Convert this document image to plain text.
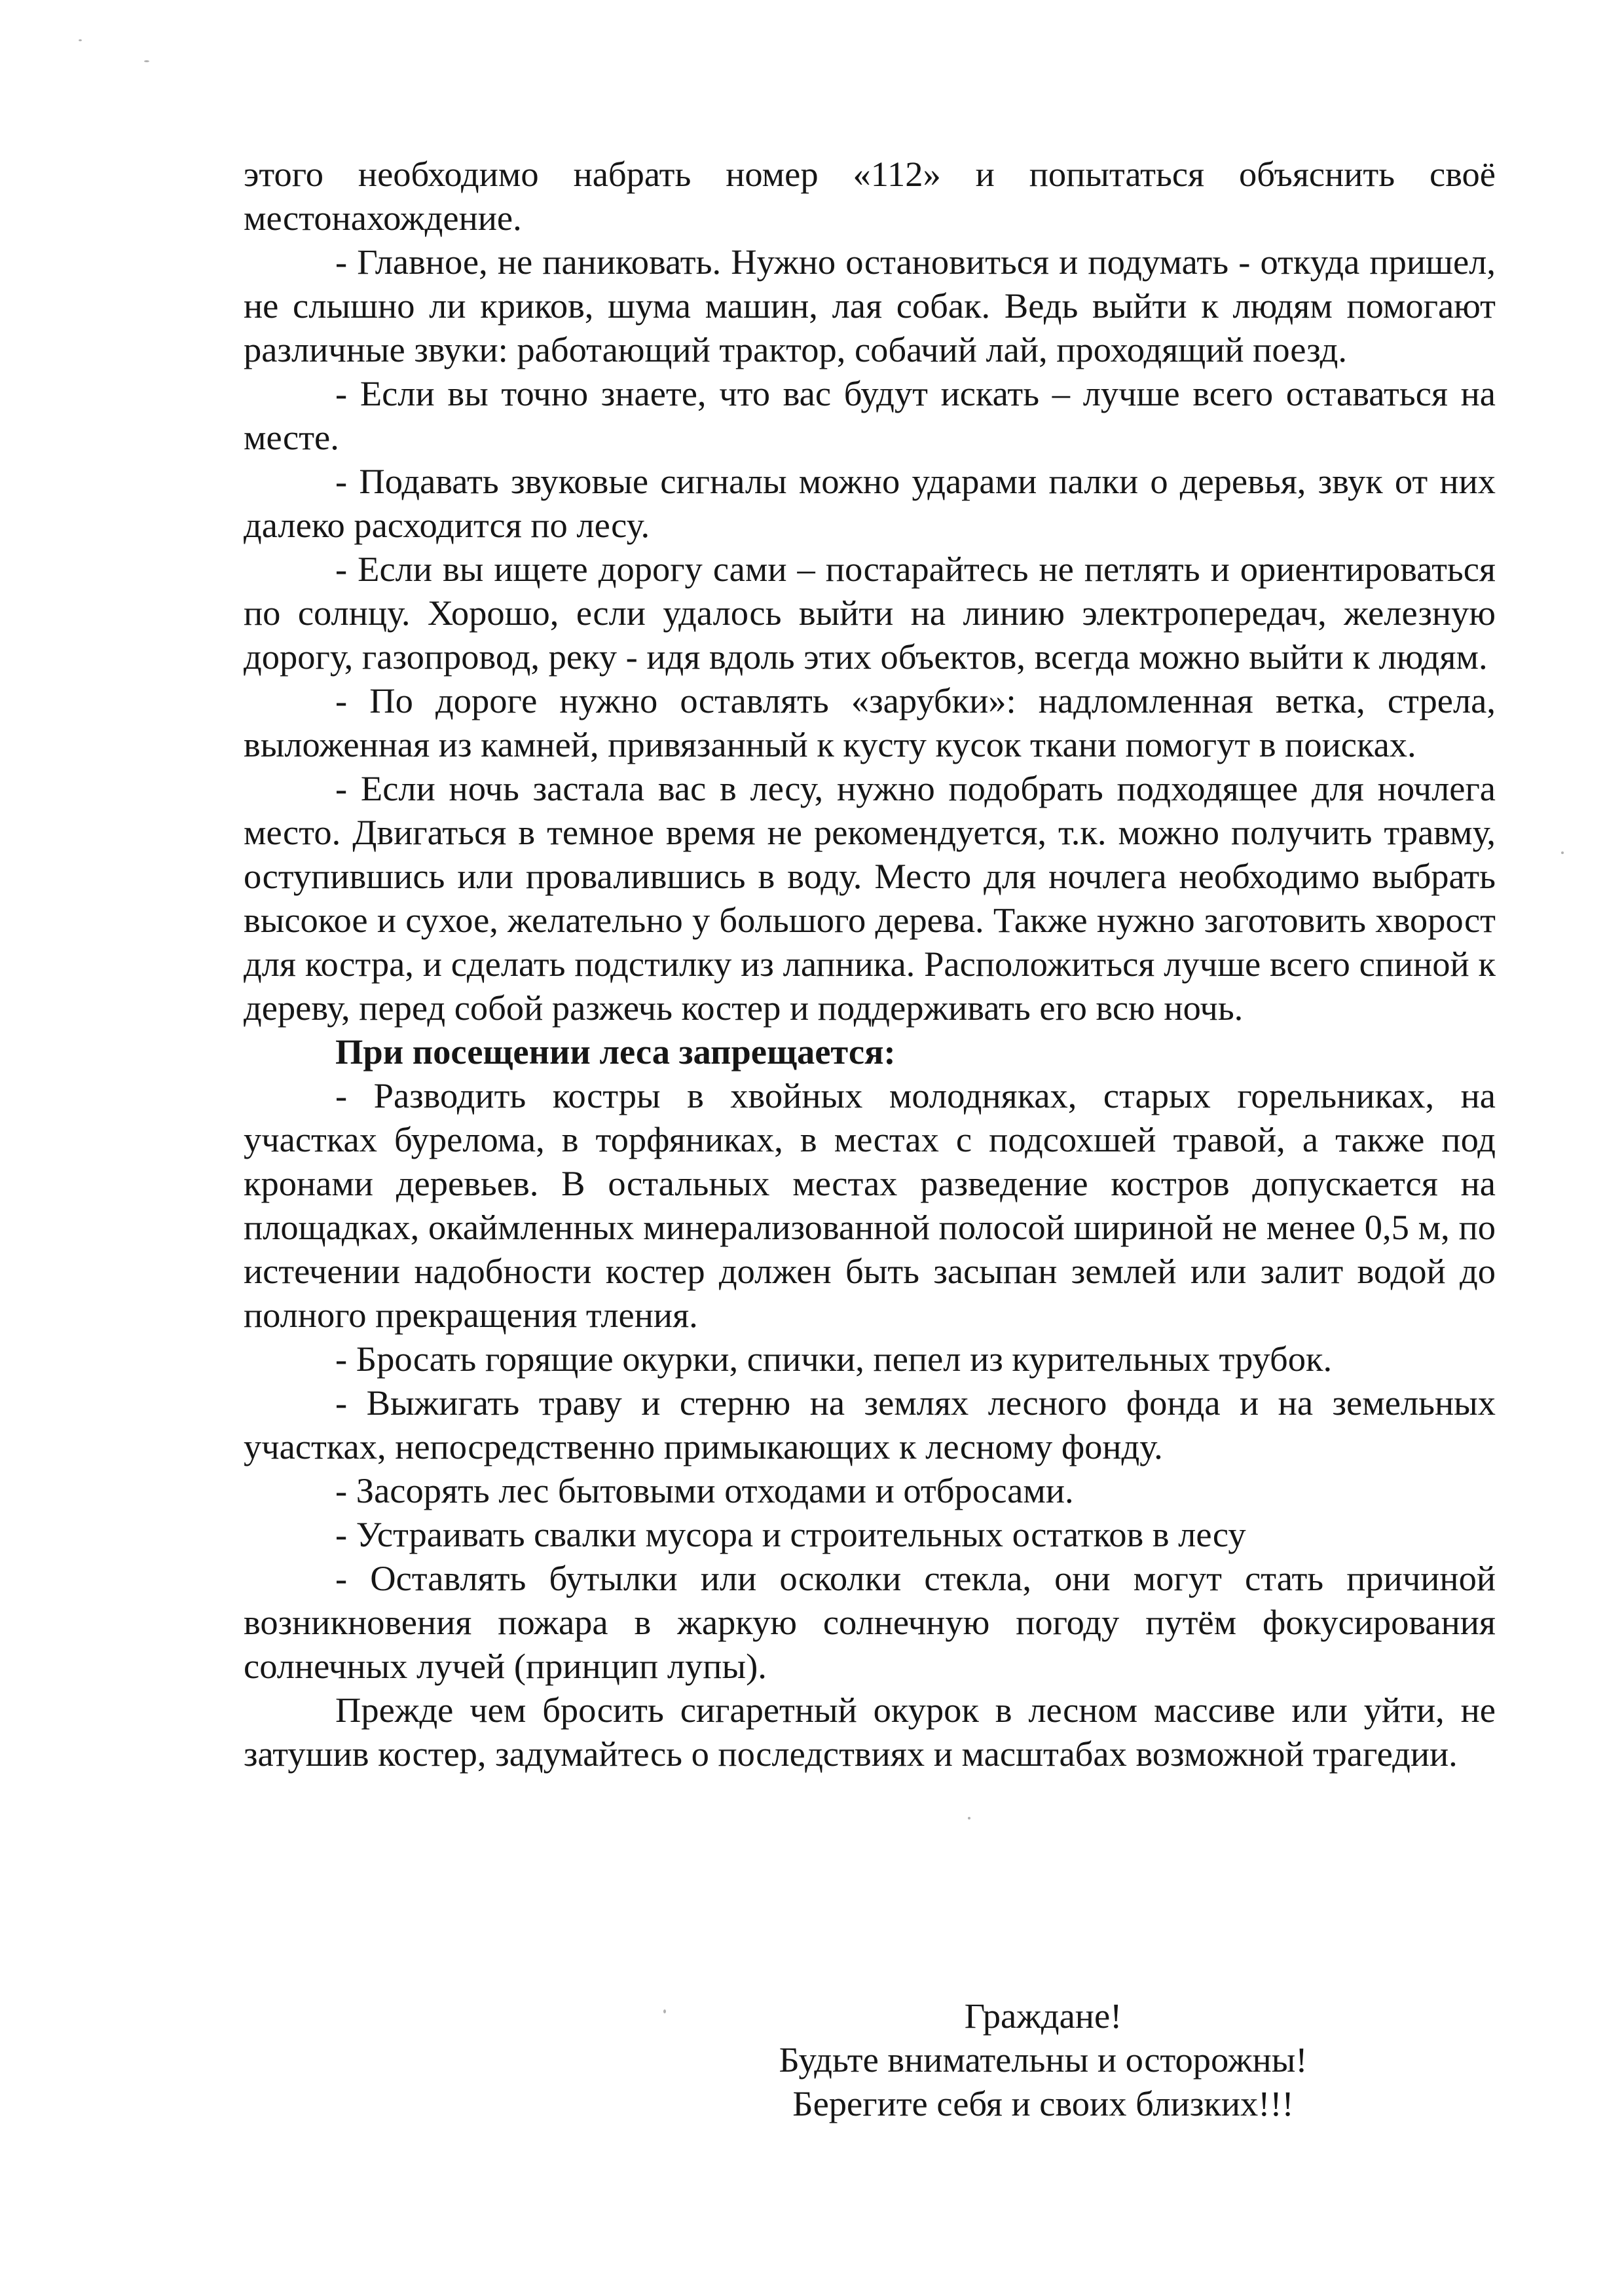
этого необходимо набрать номер «112» и попытаться объяснить своё местонахождение.

- Главное, не паниковать. Нужно остановиться и подумать - откуда пришел, не слышно ли криков, шума машин, лая собак. Ведь выйти к людям помогают различные звуки: работающий трактор, собачий лай, проходящий поезд.

- Если вы точно знаете, что вас будут искать – лучше всего оставаться на месте.

- Подавать звуковые сигналы можно ударами палки о деревья, звук от них далеко расходится по лесу.

- Если вы ищете дорогу сами – постарайтесь не петлять и ориентироваться по солнцу. Хорошо, если удалось выйти на линию электропередач, железную дорогу, газопровод, реку - идя вдоль этих объектов, всегда можно выйти к людям.

- По дороге нужно оставлять «зарубки»: надломленная ветка, стрела, выложенная из камней, привязанный к кусту кусок ткани помогут в поисках.

- Если ночь застала вас в лесу, нужно подобрать подходящее для ночлега место. Двигаться в темное время не рекомендуется, т.к. можно получить травму, оступившись или провалившись в воду. Место для ночлега необходимо выбрать высокое и сухое, желательно у большого дерева. Также нужно заготовить хворост для костра, и сделать подстилку из лапника. Расположиться лучше всего спиной к дереву, перед собой разжечь костер и поддерживать его всю ночь.

При посещении леса запрещается:

- Разводить костры в хвойных молодняках, старых горельниках, на участках бурелома, в торфяниках, в местах с подсохшей травой, а также под кронами деревьев. В остальных местах разведение костров допускается на площадках, окаймленных минерализованной полосой шириной не менее 0,5 м, по истечении надобности костер должен быть засыпан землей или залит водой до полного прекращения тления.

- Бросать горящие окурки, спички, пепел из курительных трубок.

- Выжигать траву и стерню на землях лесного фонда и на земельных участках, непосредственно примыкающих к лесному фонду.

- Засорять лес бытовыми отходами и отбросами.

- Устраивать свалки мусора и строительных остатков в лесу

- Оставлять бутылки или осколки стекла, они могут стать причиной возникновения пожара в жаркую солнечную погоду путём фокусирования солнечных лучей (принцип лупы).

Прежде чем бросить сигаретный окурок в лесном массиве или уйти, не затушив костер, задумайтесь о последствиях и масштабах возможной трагедии.

Граждане!
Будьте внимательны и осторожны!
Берегите себя и своих близких!!!
